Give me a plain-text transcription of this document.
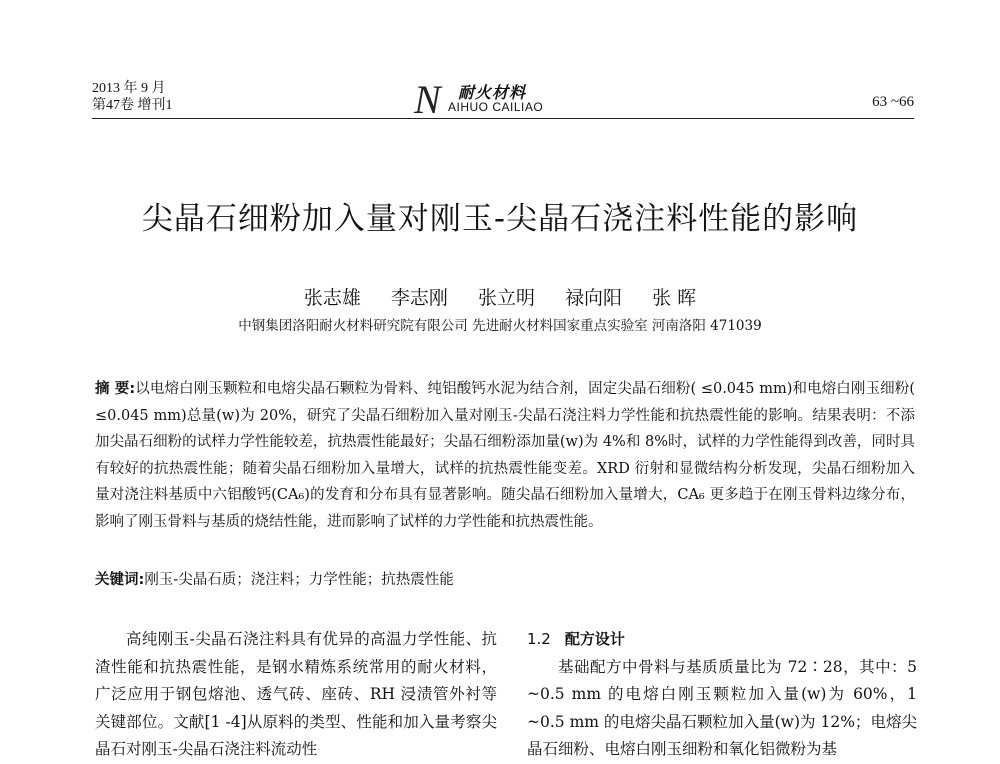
2013 年 9 月
第47卷 增刊1	N 耐火材料
AIHUO CAILIAO	63 ~66
尖晶石细粉加入量对刚玉-尖晶石浇注料性能的影响
张志雄 李志刚 张立明 禄向阳 张 晖
中钢集团洛阳耐火材料研究院有限公司 先进耐火材料国家重点实验室 河南洛阳 471039
摘 要:以电熔白刚玉颗粒和电熔尖晶石颗粒为骨料、纯铝酸钙水泥为结合剂，固定尖晶石细粉( ≤0.045 mm)和电熔白刚玉细粉( ≤0.045 mm)总量(w)为 20%，研究了尖晶石细粉加入量对刚玉-尖晶石浇注料力学性能和抗热震性能的影响。结果表明：不添加尖晶石细粉的试样力学性能较差，抗热震性能最好；尖晶石细粉添加量(w)为 4%和 8%时，试样的力学性能得到改善，同时具有较好的抗热震性能；随着尖晶石细粉加入量增大，试样的抗热震性能变差。XRD 衍射和显微结构分析发现，尖晶石细粉加入量对浇注料基质中六铝酸钙(CA₆)的发育和分布具有显著影响。随尖晶石细粉加入量增大，CA₆ 更多趋于在刚玉骨料边缘分布，影响了刚玉骨料与基质的烧结性能，进而影响了试样的力学性能和抗热震性能。
关键词:刚玉-尖晶石质；浇注料；力学性能；抗热震性能
高纯刚玉-尖晶石浇注料具有优异的高温力学性能、抗渣性能和抗热震性能，是钢水精炼系统常用的耐火材料，广泛应用于钢包熔池、透气砖、座砖、RH 浸渍管外衬等关键部位。文献[1 -4]从原料的类型、性能和加入量考察尖晶石对刚玉-尖晶石浇注料流动性
1.2 配方设计
基础配方中骨料与基质质量比为 72∶28，其中：5 ~0.5 mm 的电熔白刚玉颗粒加入量(w)为 60%，1 ~0.5 mm 的电熔尖晶石颗粒加入量(w)为 12%；电熔尖晶石细粉、电熔白刚玉细粉和氧化铝微粉为基
